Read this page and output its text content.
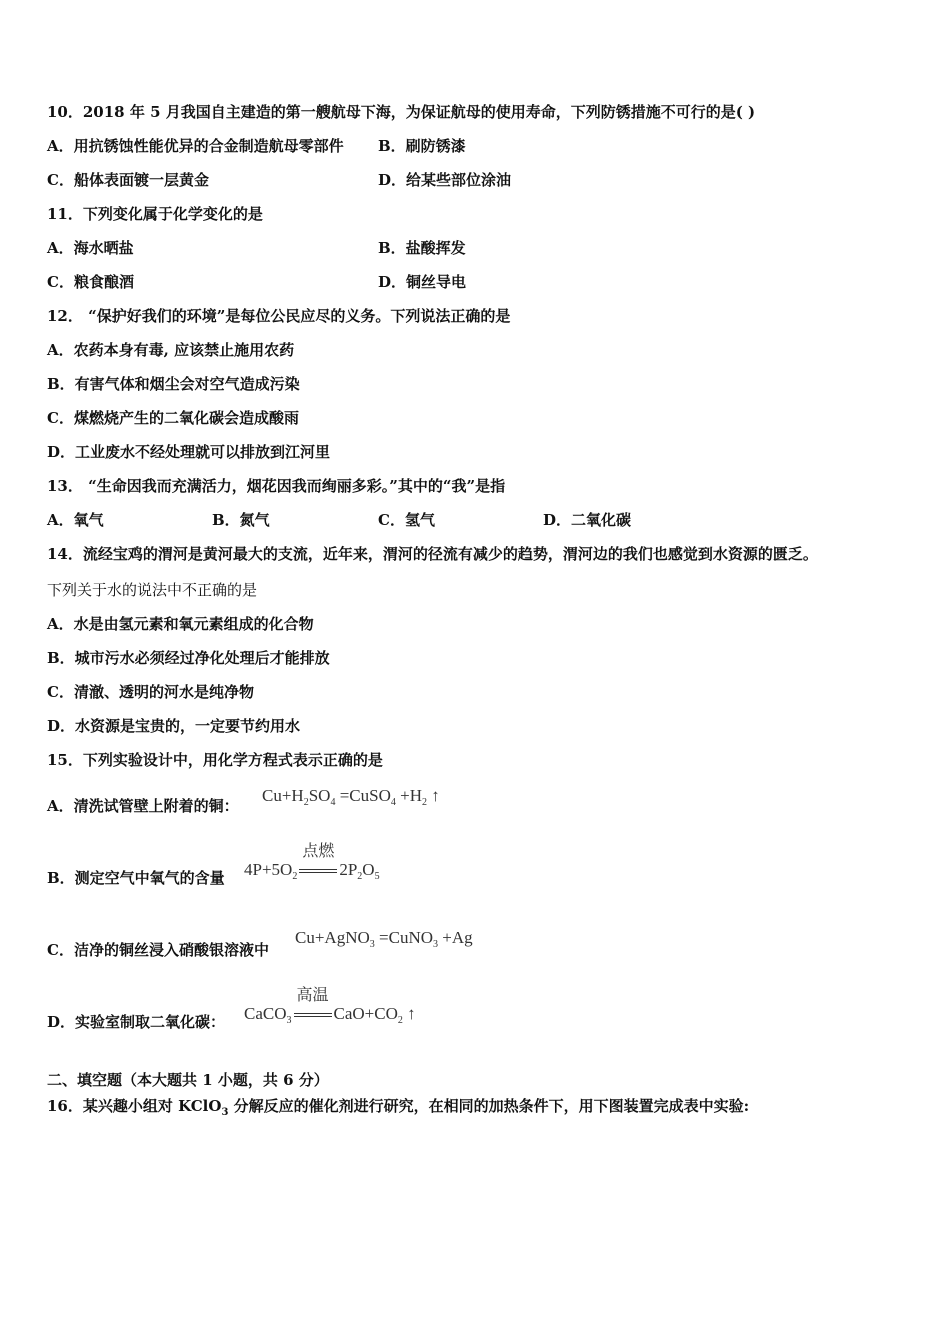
10．2018 年 5 月我国自主建造的第一艘航母下海，为保证航母的使用寿命，下列防锈措施不可行的是( )
A．用抗锈蚀性能优异的合金制造航母零部件 B．刷防锈漆
C．船体表面镀一层黄金	D．给某些部位涂油
11．下列变化属于化学变化的是
A．海水晒盐	B．盐酸挥发
C．粮食酿酒	D．铜丝导电
12． “保护好我们的环境”是每位公民应尽的义务。下列说法正确的是
A．农药本身有毒, 应该禁止施用农药
B．有害气体和烟尘会对空气造成污染
C．煤燃烧产生的二氧化碳会造成酸雨
D．工业废水不经处理就可以排放到江河里
13． “生命因我而充满活力，烟花因我而绚丽多彩。”其中的“我”是指
A．氧气	B．氮气	C．氢气	D．二氧化碳
14．流经宝鸡的渭河是黄河最大的支流，近年来，渭河的径流有减少的趋势，渭河边的我们也感觉到水资源的匮乏。
下列关于水的说法中不正确的是
A．水是由氢元素和氧元素组成的化合物
B．城市污水必须经过净化处理后才能排放
C．清澈、透明的河水是纯净物
D．水资源是宝贵的，一定要节约用水
15．下列实验设计中，用化学方程式表示正确的是
A．清洗试管壁上附着的铜：
$Cu+H_2SO_4$ =CuSO$_4$ $+H_2$ ↑
B．测定空气中氧气的含量 $4P+5O_2$
点燃
$2P_2O_5$
C．洁净的铜丝浸入硝酸银溶液中
Cu+AgNO$_3$ =CuNO$_3$ +Ag
D．实验室制取二氧化碳： CaCO$_3$
高温
$CaO+CO_2$ ↑
二、填空题（本大题共 1 小题，共 6 分）
16．某兴趣小组对 KClO$_3$ 分解反应的催化剂进行研究，在相同的加热条件下，用下图装置完成表中实验:
